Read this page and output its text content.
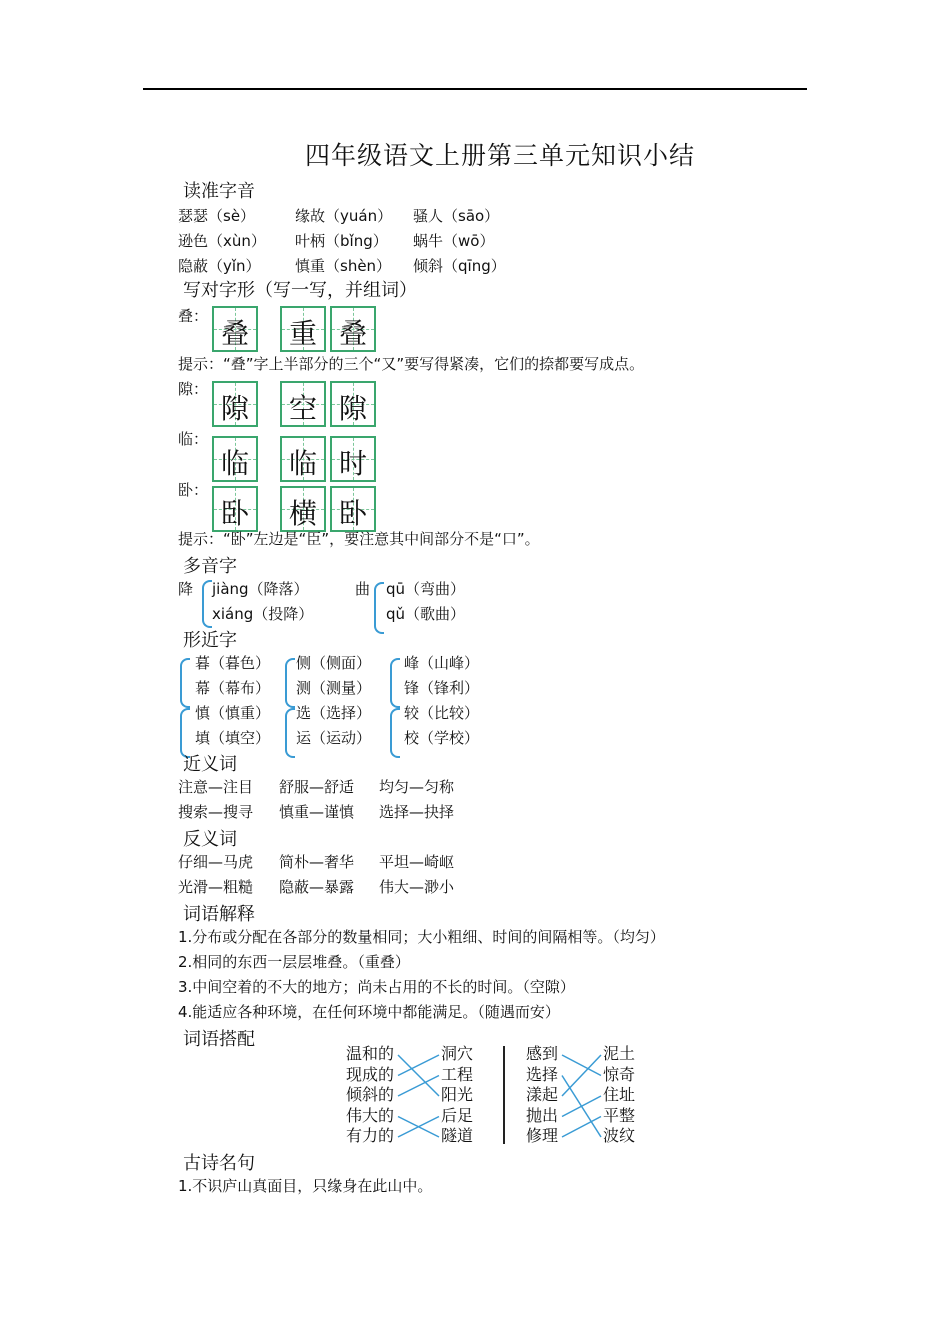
四年级语文上册第三单元知识小结
读准字音
瑟瑟（sè）	缘故（yuán） 骚人（sāo）
逊色（xùn） 叶柄（bǐng） 蜗牛（wō）
隐蔽（yǐn） 慎重（shèn） 倾斜（qīng）
写对字形（写一写，并组词）
叠：
叠 重 叠
提示：“叠”字上半部分的三个“又”要写得紧凑，它们的捺都要写成点。
隙：
隙 空 隙
临：
临 临 时
卧：
卧 横 卧
提示：“卧”左边是“臣”，要注意其中间部分不是“口”。
多音字
降 jiàng（降落）
xiáng（投降）
曲 qū（弯曲）
qǔ（歌曲）
形近字
暮（暮色） 侧（侧面） 峰（山峰）
幕（幕布） 测（测量） 锋（锋利）
慎（慎重） 选（选择） 较（比较）
填（填空） 运（运动） 校（学校）
近义词
注意—注目 舒服—舒适 均匀—匀称
搜索—搜寻 慎重—谨慎 选择—抉择
反义词
仔细—马虎 简朴—奢华 平坦—崎岖
光滑—粗糙 隐蔽—暴露 伟大—渺小
词语解释
1.分布或分配在各部分的数量相同；大小粗细、时间的间隔相等。（均匀）
2.相同的东西一层层堆叠。（重叠）
3.中间空着的不大的地方；尚未占用的不长的时间。（空隙）
4.能适应各种环境，在任何环境中都能满足。（随遇而安）
词语搭配
温和的
现成的
倾斜的
伟大的
有力的
洞穴
工程
阳光
后足
隧道
感到
选择
漾起
抛出
修理
泥土
惊奇
住址
平整
波纹
古诗名句
1.不识庐山真面目，只缘身在此山中。
